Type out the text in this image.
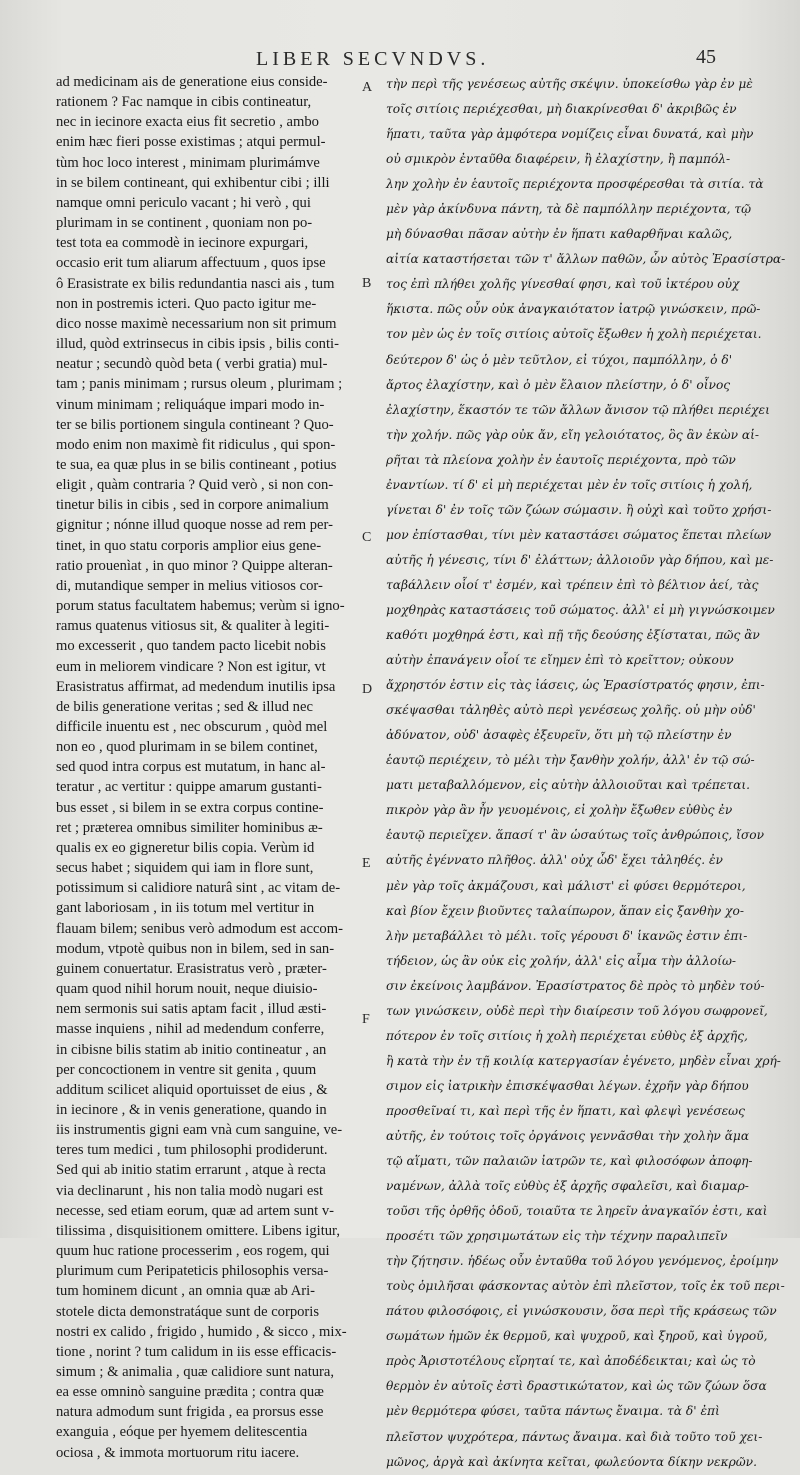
LIBER SECVNDVS.	45
ad medicinam ais de generatione eius conside-
rationem ? Fac namque in cibis contineatur,
nec in iecinore exacta eius fit secretio , ambo
enim hæc fieri posse existimas ; atqui permul-
tùm hoc loco interest , minimam plurimámve
in se bilem contineant, qui exhibentur cibi ; illi
namque omni periculo vacant ; hi verò , qui
plurimam in se continent , quoniam non po-
test tota ea commodè in iecinore expurgari,
occasio erit tum aliarum affectuum , quos ipse
ô Erasistrate ex bilis redundantia nasci ais , tum
non in postremis icteri. Quo pacto igitur me-
dico nosse maximè necessarium non sit primum
illud, quòd extrinsecus in cibis ipsis , bilis conti-
neatur ; secundò quòd beta ( verbi gratia) mul-
tam ; panis minimam ; rursus oleum , plurimam ;
vinum minimam ; reliquáque impari modo in-
ter se bilis portionem singula contineant ? Quo-
modo enim non maximè fit ridiculus , qui spon-
te sua, ea quæ plus in se bilis contineant , potius
eligit , quàm contraria ? Quid verò , si non con-
tinetur bilis in cibis , sed in corpore animalium
gignitur ; nónne illud quoque nosse ad rem per-
tinet, in quo statu corporis amplior eius gene-
ratio prouenìat , in quo minor ? Quippe alteran-
di, mutandique semper in melius vitiosos cor-
porum status facultatem habemus; verùm si igno-
ramus quatenus vitiosus sit, & qualiter à legiti-
mo excesserit , quo tandem pacto licebit nobis
eum in meliorem vindicare ? Non est igitur, vt
Erasistratus affirmat, ad medendum inutilis ipsa
de bilis generatione veritas ; sed & illud nec
difficile inuentu est , nec obscurum , quòd mel
non eo , quod plurimam in se bilem continet,
sed quod intra corpus est mutatum, in hanc al-
teratur , ac vertitur : quippe amarum gustanti-
bus esset , si bilem in se extra corpus contine-
ret ; præterea omnibus similiter hominibus æ-
qualis ex eo gigneretur bilis copia. Verùm id
secus habet ; siquidem qui iam in flore sunt,
potissimum si calidiore naturâ sint , ac vitam de-
gant laboriosam , in iis totum mel vertitur in
flauam bilem; senibus verò admodum est accom-
modum, vtpotè quibus non in bilem, sed in san-
guinem conuertatur. Erasistratus verò , præter-
quam quod nihil horum nouit, neque diuisio-
nem sermonis sui satis aptam facit , illud æsti-
masse inquiens , nihil ad medendum conferre,
in cibisne bilis statim ab initio contineatur , an
per concoctionem in ventre sit genita , quum
additum scilicet aliquid oportuisset de eius , &
in iecinore , & in venis generatione, quando in
iis instrumentis gigni eam vnà cum sanguine, ve-
teres tum medici , tum philosophi prodiderunt.
Sed qui ab initio statim errarunt , atque à recta
via declinarunt , his non talia modò nugari est
necesse, sed etiam eorum, quæ ad artem sunt v-
tilissima , disquisitionem omittere. Libens igitur,
quum huc ratione processerim , eos rogem, qui
plurimum cum Peripateticis philosophis versa-
tum hominem dicunt , an omnia quæ ab Ari-
stotele dicta demonstratáque sunt de corporis
nostri ex calido , frigido , humido , & sicco , mix-
tione , norint ? tum calidum in iis esse efficacis-
simum ; & animalia , quæ calidiore sunt natura,
ea esse omninò sanguine prædita ; contra quæ
natura admodum sunt frigida , ea prorsus esse
exanguia , eóque per hyemem delitescentia
ociosa , & immota mortuorum ritu iacere.
A
B
C
D
E
F
τὴν περὶ τῆς γενέσεως αὐτῆς σκέψιν. ὑποκείσθω γὰρ ἐν μὲ
τοῖς σιτίοις περιέχεσθαι, μὴ διακρίνεσθαι δ' ἀκριβῶς ἐν
ἥπατι, ταῦτα γὰρ ἀμφότερα νομίζεις εἶναι δυνατά, καὶ μὴν
οὐ σμικρὸν ἐνταῦθα διαφέρειν, ἢ ἐλαχίστην, ἢ παμπόλ-
λην χολὴν ἐν ἑαυτοῖς περιέχοντα προσφέρεσθαι τὰ σιτία. τὰ
μὲν γὰρ ἀκίνδυνα πάντη, τὰ δὲ παμπόλλην περιέχοντα, τῷ
μὴ δύνασθαι πᾶσαν αὐτὴν ἐν ἥπατι καθαρθῆναι καλῶς,
αἰτία καταστήσεται τῶν τ' ἄλλων παθῶν, ὧν αὐτὸς Ἐρασίστρα-
τος ἐπὶ πλήθει χολῆς γίνεσθαί φησι, καὶ τοῦ ἰκτέρου οὐχ
ἥκιστα. πῶς οὖν οὐκ ἀναγκαιότατον ἰατρῷ γινώσκειν, πρῶ-
τον μὲν ὡς ἐν τοῖς σιτίοις αὐτοῖς ἔξωθεν ἡ χολὴ περιέχεται.
δεύτερον δ' ὡς ὁ μὲν τεῦτλον, εἰ τύχοι, παμπόλλην, ὁ δ'
ἄρτος ἐλαχίστην, καὶ ὁ μὲν ἔλαιον πλείστην, ὁ δ' οἶνος
ἐλαχίστην, ἕκαστόν τε τῶν ἄλλων ἄνισον τῷ πλήθει περιέχει
τὴν χολήν. πῶς γὰρ οὐκ ἄν, εἴη γελοιότατος, ὃς ἂν ἑκὼν αἱ-
ρῆται τὰ πλείονα χολὴν ἐν ἑαυτοῖς περιέχοντα, πρὸ τῶν
ἐναντίων. τί δ' εἰ μὴ περιέχεται μὲν ἐν τοῖς σιτίοις ἡ χολή,
γίνεται δ' ἐν τοῖς τῶν ζώων σώμασιν. ἢ οὐχὶ καὶ τοῦτο χρήσι-
μον ἐπίστασθαι, τίνι μὲν καταστάσει σώματος ἕπεται πλείων
αὐτῆς ἡ γένεσις, τίνι δ' ἐλάττων; ἀλλοιοῦν γὰρ δήπου, καὶ με-
ταβάλλειν οἷοί τ' ἐσμέν, καὶ τρέπειν ἐπὶ τὸ βέλτιον ἀεί, τὰς
μοχθηρὰς καταστάσεις τοῦ σώματος. ἀλλ' εἰ μὴ γιγνώσκοιμεν
καθότι μοχθηρά ἐστι, καὶ πῇ τῆς δεούσης ἐξίσταται, πῶς ἂν
αὐτὴν ἐπανάγειν οἷοί τε εἴημεν ἐπὶ τὸ κρεῖττον; οὐκουν
ἄχρηστόν ἐστιν εἰς τὰς ἰάσεις, ὡς Ἐρασίστρατός φησιν, ἐπι-
σκέψασθαι τἀληθὲς αὐτὸ περὶ γενέσεως χολῆς. οὐ μὴν οὐδ'
ἀδύνατον, οὐδ' ἀσαφὲς ἐξευρεῖν, ὅτι μὴ τῷ πλείστην ἐν
ἑαυτῷ περιέχειν, τὸ μέλι τὴν ξανθὴν χολήν, ἀλλ' ἐν τῷ σώ-
ματι μεταβαλλόμενον, εἰς αὐτὴν ἀλλοιοῦται καὶ τρέπεται.
πικρὸν γὰρ ἂν ἦν γευομένοις, εἰ χολὴν ἔξωθεν εὐθὺς ἐν
ἑαυτῷ περιεῖχεν. ἅπασί τ' ἂν ὡσαύτως τοῖς ἀνθρώποις, ἴσον
αὐτῆς ἐγέννατο πλῆθος. ἀλλ' οὐχ ὧδ' ἔχει τἀληθές. ἐν
μὲν γὰρ τοῖς ἀκμάζουσι, καὶ μάλιστ' εἰ φύσει θερμότεροι,
καὶ βίον ἔχειν βιοῦντες ταλαίπωρον, ἅπαν εἰς ξανθὴν χο-
λὴν μεταβάλλει τὸ μέλι. τοῖς γέρουσι δ' ἱκανῶς ἐστιν ἐπι-
τήδειον, ὡς ἂν οὐκ εἰς χολήν, ἀλλ' εἰς αἷμα τὴν ἀλλοίω-
σιν ἐκείνοις λαμβάνον. Ἐρασίστρατος δὲ πρὸς τὸ μηδὲν τού-
των γινώσκειν, οὐδὲ περὶ τὴν διαίρεσιν τοῦ λόγου σωφρονεῖ,
πότερον ἐν τοῖς σιτίοις ἡ χολὴ περιέχεται εὐθὺς ἐξ ἀρχῆς,
ἢ κατὰ τὴν ἐν τῇ κοιλίᾳ κατεργασίαν ἐγένετο, μηδὲν εἶναι χρή-
σιμον εἰς ἰατρικὴν ἐπισκέψασθαι λέγων. ἐχρῆν γὰρ δήπου
προσθεῖναί τι, καὶ περὶ τῆς ἐν ἥπατι, καὶ φλεψὶ γενέσεως
αὐτῆς, ἐν τούτοις τοῖς ὀργάνοις γεννᾶσθαι τὴν χολὴν ἅμα
τῷ αἵματι, τῶν παλαιῶν ἰατρῶν τε, καὶ φιλοσόφων ἀποφη-
ναμένων, ἀλλὰ τοῖς εὐθὺς ἐξ ἀρχῆς σφαλεῖσι, καὶ διαμαρ-
τοῦσι τῆς ὀρθῆς ὁδοῦ, τοιαῦτα τε ληρεῖν ἀναγκαῖόν ἐστι, καὶ
προσέτι τῶν χρησιμωτάτων εἰς τὴν τέχνην παραλιπεῖν
τὴν ζήτησιν. ἡδέως οὖν ἐνταῦθα τοῦ λόγου γενόμενος, ἐροίμην
τοὺς ὁμιλῆσαι φάσκοντας αὐτὸν ἐπὶ πλεῖστον, τοῖς ἐκ τοῦ περι-
πάτου φιλοσόφοις, εἰ γινώσκουσιν, ὅσα περὶ τῆς κράσεως τῶν
σωμάτων ἡμῶν ἐκ θερμοῦ, καὶ ψυχροῦ, καὶ ξηροῦ, καὶ ὑγροῦ,
πρὸς Ἀριστοτέλους εἴρηταί τε, καὶ ἀποδέδεικται; καὶ ὡς τὸ
θερμὸν ἐν αὐτοῖς ἐστὶ δραστικώτατον, καὶ ὡς τῶν ζώων ὅσα
μὲν θερμότερα φύσει, ταῦτα πάντως ἔναιμα. τὰ δ' ἐπὶ
πλεῖστον ψυχρότερα, πάντως ἄναιμα. καὶ διὰ τοῦτο τοῦ χει-
μῶνος, ἀργὰ καὶ ἀκίνητα κεῖται, φωλεύοντα δίκην νεκρῶν.
